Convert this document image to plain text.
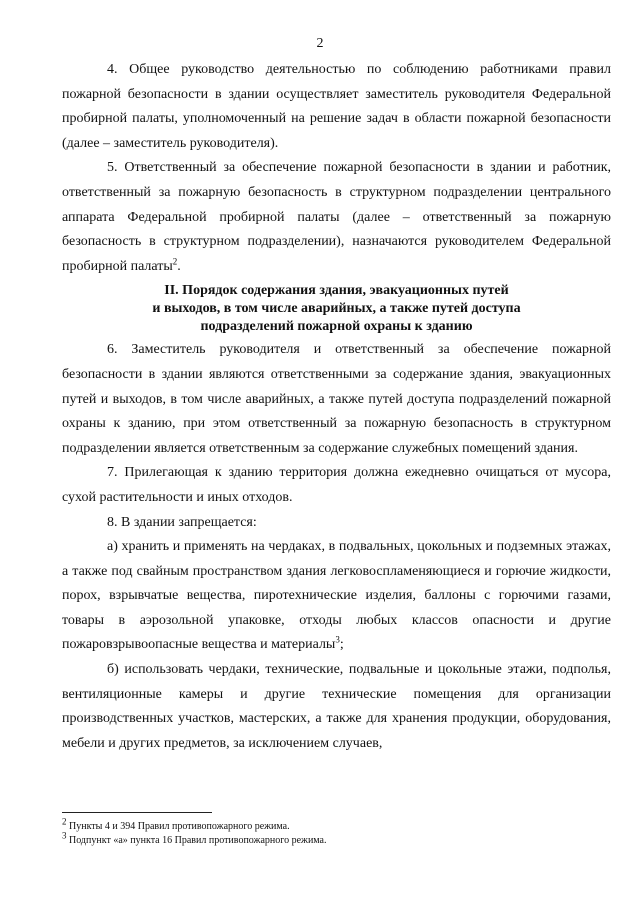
2

4. Общее руководство деятельностью по соблюдению работниками правил пожарной безопасности в здании осуществляет заместитель руководителя Федеральной пробирной палаты, уполномоченный на решение задач в области пожарной безопасности (далее – заместитель руководителя).

5. Ответственный за обеспечение пожарной безопасности в здании и работник, ответственный за пожарную безопасность в структурном подразделении центрального аппарата Федеральной пробирной палаты (далее – ответственный за пожарную безопасность в структурном подразделении), назначаются руководителем Федеральной пробирной палаты$^2$.

II. Порядок содержания здания, эвакуационных путей
и выходов, в том числе аварийных, а также путей доступа
подразделений пожарной охраны к зданию

6. Заместитель руководителя и ответственный за обеспечение пожарной безопасности в здании являются ответственными за содержание здания, эвакуационных путей и выходов, в том числе аварийных, а также путей доступа подразделений пожарной охраны к зданию, при этом ответственный за пожарную безопасность в структурном подразделении является ответственным за содержание служебных помещений здания.

7. Прилегающая к зданию территория должна ежедневно очищаться от мусора, сухой растительности и иных отходов.

8. В здании запрещается:

а) хранить и применять на чердаках, в подвальных, цокольных и подземных этажах, а также под свайным пространством здания легковоспламеняющиеся и горючие жидкости, порох, взрывчатые вещества, пиротехнические изделия, баллоны с горючими газами, товары в аэрозольной упаковке, отходы любых классов опасности и другие пожаровзрывоопасные вещества и материалы$^3$;

б) использовать чердаки, технические, подвальные и цокольные этажи, подполья, вентиляционные камеры и другие технические помещения для организации производственных участков, мастерских, а также для хранения продукции, оборудования, мебели и других предметов, за исключением случаев,

$^2$ Пункты 4 и 394 Правил противопожарного режима.
$^3$ Подпункт «а» пункта 16 Правил противопожарного режима.
